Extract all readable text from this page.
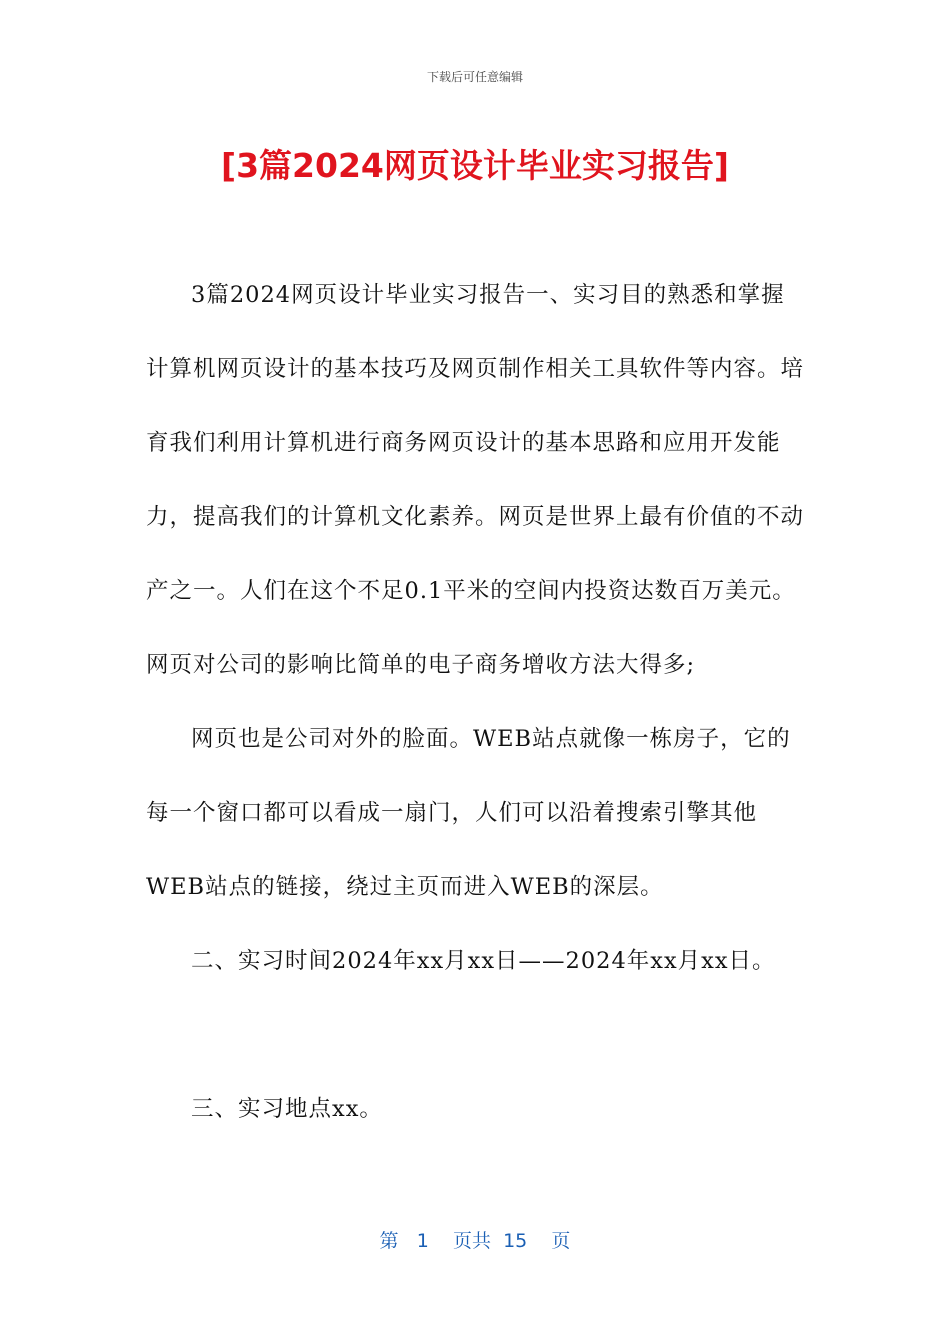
下载后可任意编辑
[3篇2024网页设计毕业实习报告]

3篇2024网页设计毕业实习报告一、实习目的熟悉和掌握计算机网页设计的基本技巧及网页制作相关工具软件等内容。培育我们利用计算机进行商务网页设计的基本思路和应用开发能力，提高我们的计算机文化素养。网页是世界上最有价值的不动产之一。人们在这个不足0.1平米的空间内投资达数百万美元。网页对公司的影响比简单的电子商务增收方法大得多;

网页也是公司对外的脸面。WEB站点就像一栋房子，它的每一个窗口都可以看成一扇门，人们可以沿着搜索引擎其他WEB站点的链接，绕过主页而进入WEB的深层。

二、实习时间2024年xx月xx日——2024年xx月xx日。

三、实习地点xx。

第 1 页共 15 页
